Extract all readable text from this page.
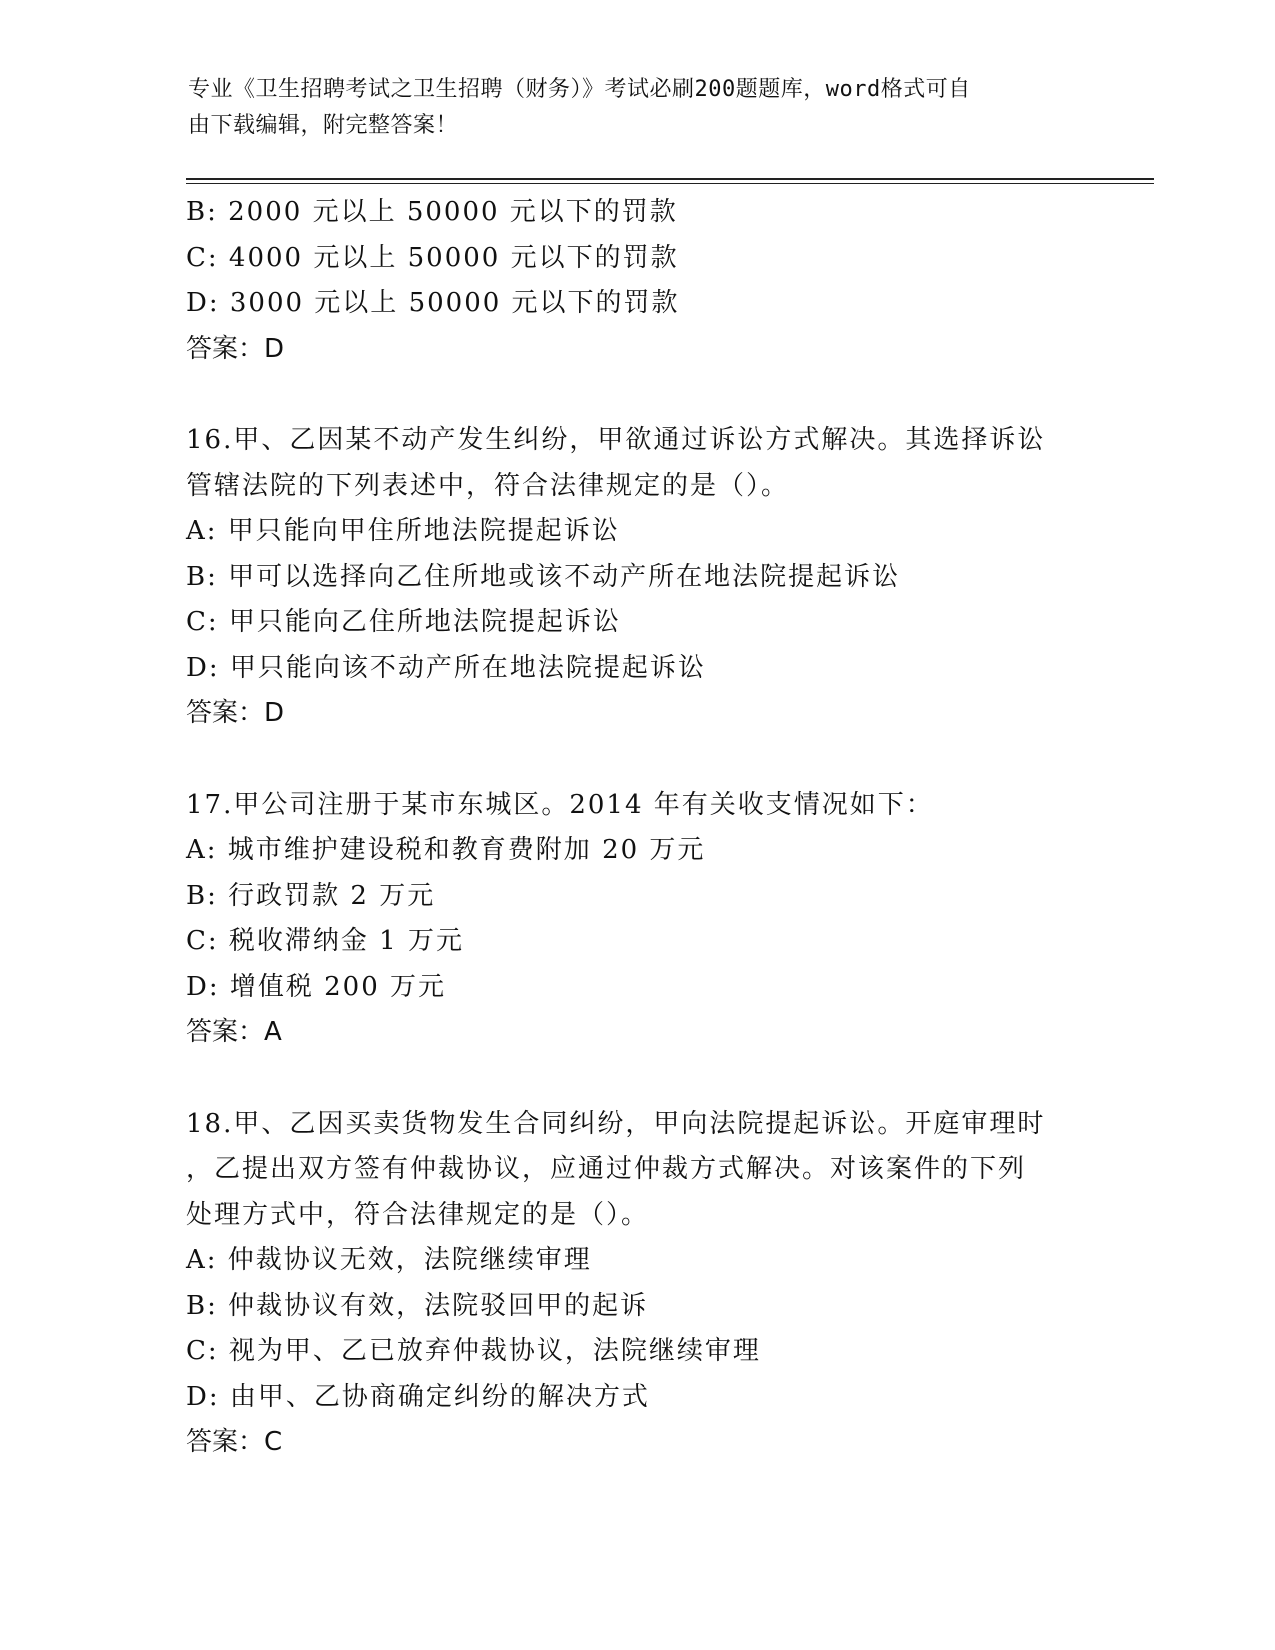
专业《卫生招聘考试之卫生招聘（财务）》考试必刷200题题库，word格式可自
由下载编辑，附完整答案！
B: 2000 元以上 50000 元以下的罚款
C: 4000 元以上 50000 元以下的罚款
D: 3000 元以上 50000 元以下的罚款
答案：D
16.甲、乙因某不动产发生纠纷，甲欲通过诉讼方式解决。其选择诉讼
管辖法院的下列表述中，符合法律规定的是（）。
A: 甲只能向甲住所地法院提起诉讼
B: 甲可以选择向乙住所地或该不动产所在地法院提起诉讼
C: 甲只能向乙住所地法院提起诉讼
D: 甲只能向该不动产所在地法院提起诉讼
答案：D
17.甲公司注册于某市东城区。2014 年有关收支情况如下：
A: 城市维护建设税和教育费附加 20 万元
B: 行政罚款 2 万元
C: 税收滞纳金 1 万元
D: 增值税 200 万元
答案：A
18.甲、乙因买卖货物发生合同纠纷，甲向法院提起诉讼。开庭审理时
，乙提出双方签有仲裁协议，应通过仲裁方式解决。对该案件的下列
处理方式中，符合法律规定的是（）。
A: 仲裁协议无效，法院继续审理
B: 仲裁协议有效，法院驳回甲的起诉
C: 视为甲、乙已放弃仲裁协议，法院继续审理
D: 由甲、乙协商确定纠纷的解决方式
答案：C
